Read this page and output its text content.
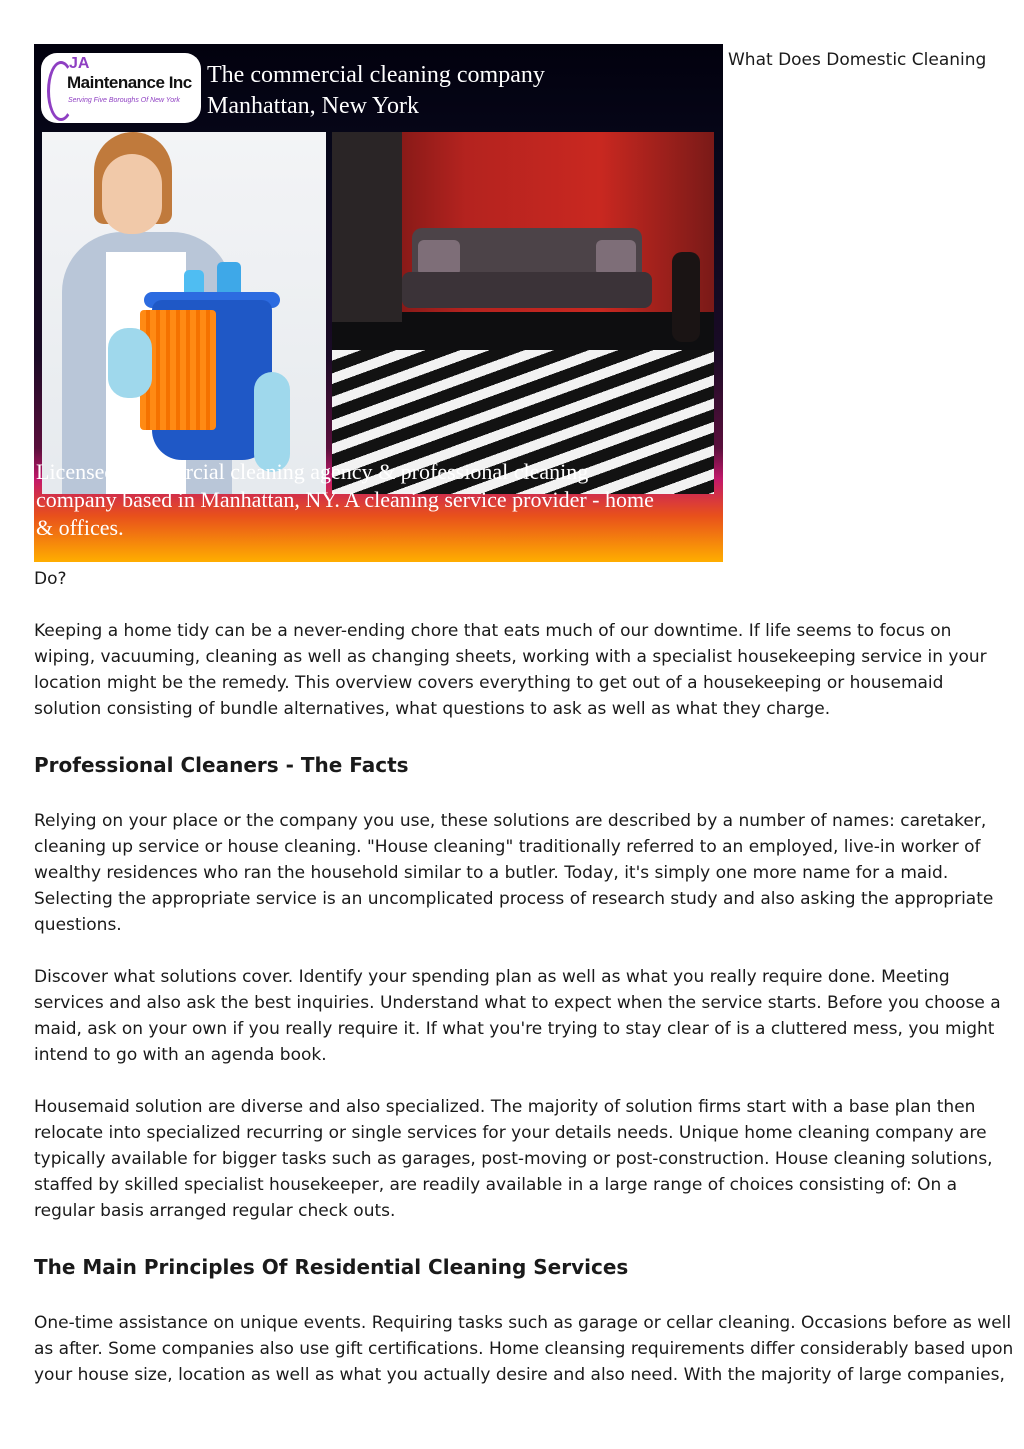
JA
Maintenance Inc
Serving Five Boroughs Of New York
The commercial cleaning company
Manhattan, New York
Licensed commercial cleaning agency & professional cleaning
company based in Manhattan, NY. A cleaning service provider - home
& offices.
What Does Domestic Cleaning

Do?

Keeping a home tidy can be a never-ending chore that eats much of our downtime. If life seems to focus on
wiping, vacuuming, cleaning as well as changing sheets, working with a specialist housekeeping service in your
location might be the remedy. This overview covers everything to get out of a housekeeping or housemaid
solution consisting of bundle alternatives, what questions to ask as well as what they charge.
Professional Cleaners - The Facts
Relying on your place or the company you use, these solutions are described by a number of names: caretaker,
cleaning up service or house cleaning. "House cleaning" traditionally referred to an employed, live-in worker of
wealthy residences who ran the household similar to a butler. Today, it's simply one more name for a maid.
Selecting the appropriate service is an uncomplicated process of research study and also asking the appropriate
questions.
Discover what solutions cover. Identify your spending plan as well as what you really require done. Meeting
services and also ask the best inquiries. Understand what to expect when the service starts. Before you choose a
maid, ask on your own if you really require it. If what you're trying to stay clear of is a cluttered mess, you might
intend to go with an agenda book.
Housemaid solution are diverse and also specialized. The majority of solution firms start with a base plan then
relocate into specialized recurring or single services for your details needs. Unique home cleaning company are
typically available for bigger tasks such as garages, post-moving or post-construction. House cleaning solutions,
staffed by skilled specialist housekeeper, are readily available in a large range of choices consisting of: On a
regular basis arranged regular check outs.
The Main Principles Of Residential Cleaning Services
One-time assistance on unique events. Requiring tasks such as garage or cellar cleaning. Occasions before as well
as after. Some companies also use gift certifications. Home cleansing requirements differ considerably based upon
your house size, location as well as what you actually desire and also need. With the majority of large companies,
